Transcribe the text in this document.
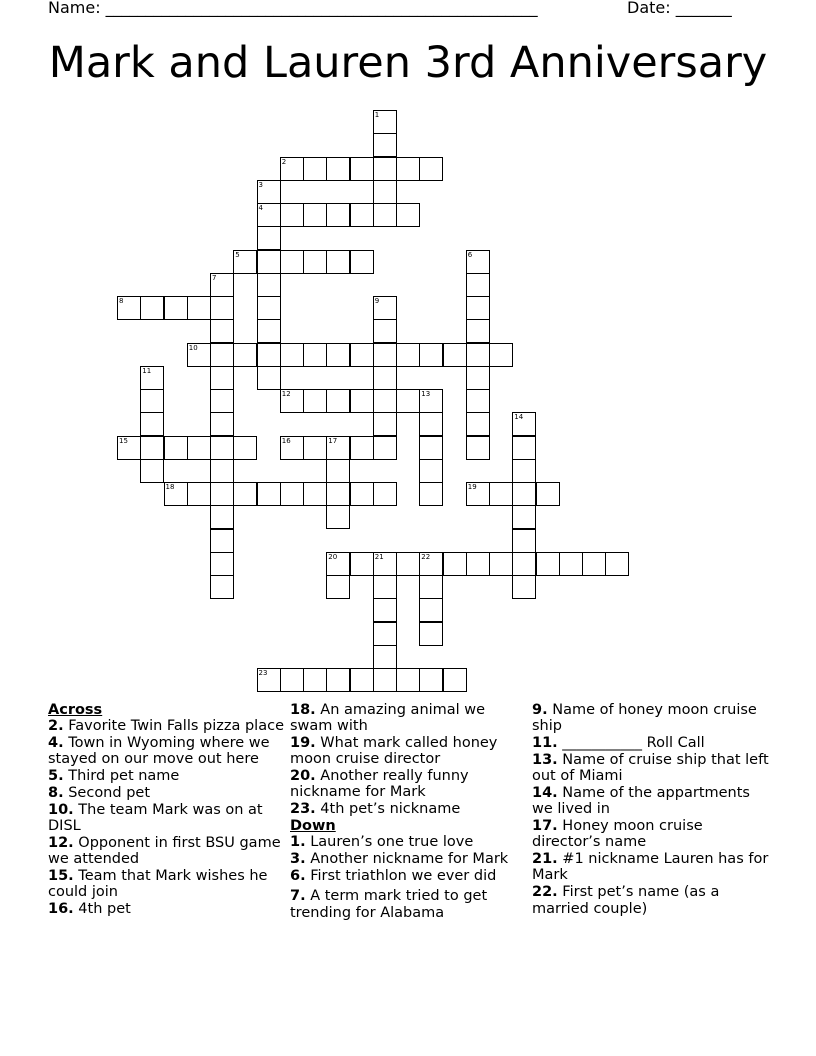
Name: ______________________________________________________	Date: _______
Mark and Lauren 3rd Anniversary
1
2
3
4
5	6
7
8	9
10
11
12	13
14
15	16	17
18	19
20	21	22
23
Across
2. Favorite Twin Falls pizza place
4. Town in Wyoming where we stayed on our move out here
5. Third pet name
8. Second pet
10. The team Mark was on at DISL
12. Opponent in first BSU game we attended
15. Team that Mark wishes he could join
16. 4th pet
18. An amazing animal we swam with
19. What mark called honey moon cruise director
20. Another really funny nickname for Mark
23. 4th pet’s nickname
Down
1. Lauren’s one true love
3. Another nickname for Mark
6. First triathlon we ever did
7. A term mark tried to get trending for Alabama
9. Name of honey moon cruise ship
11. ___________ Roll Call
13. Name of cruise ship that left out of Miami
14. Name of the appartments we lived in
17. Honey moon cruise director’s name
21. #1 nickname Lauren has for Mark
22. First pet’s name (as a married couple)
